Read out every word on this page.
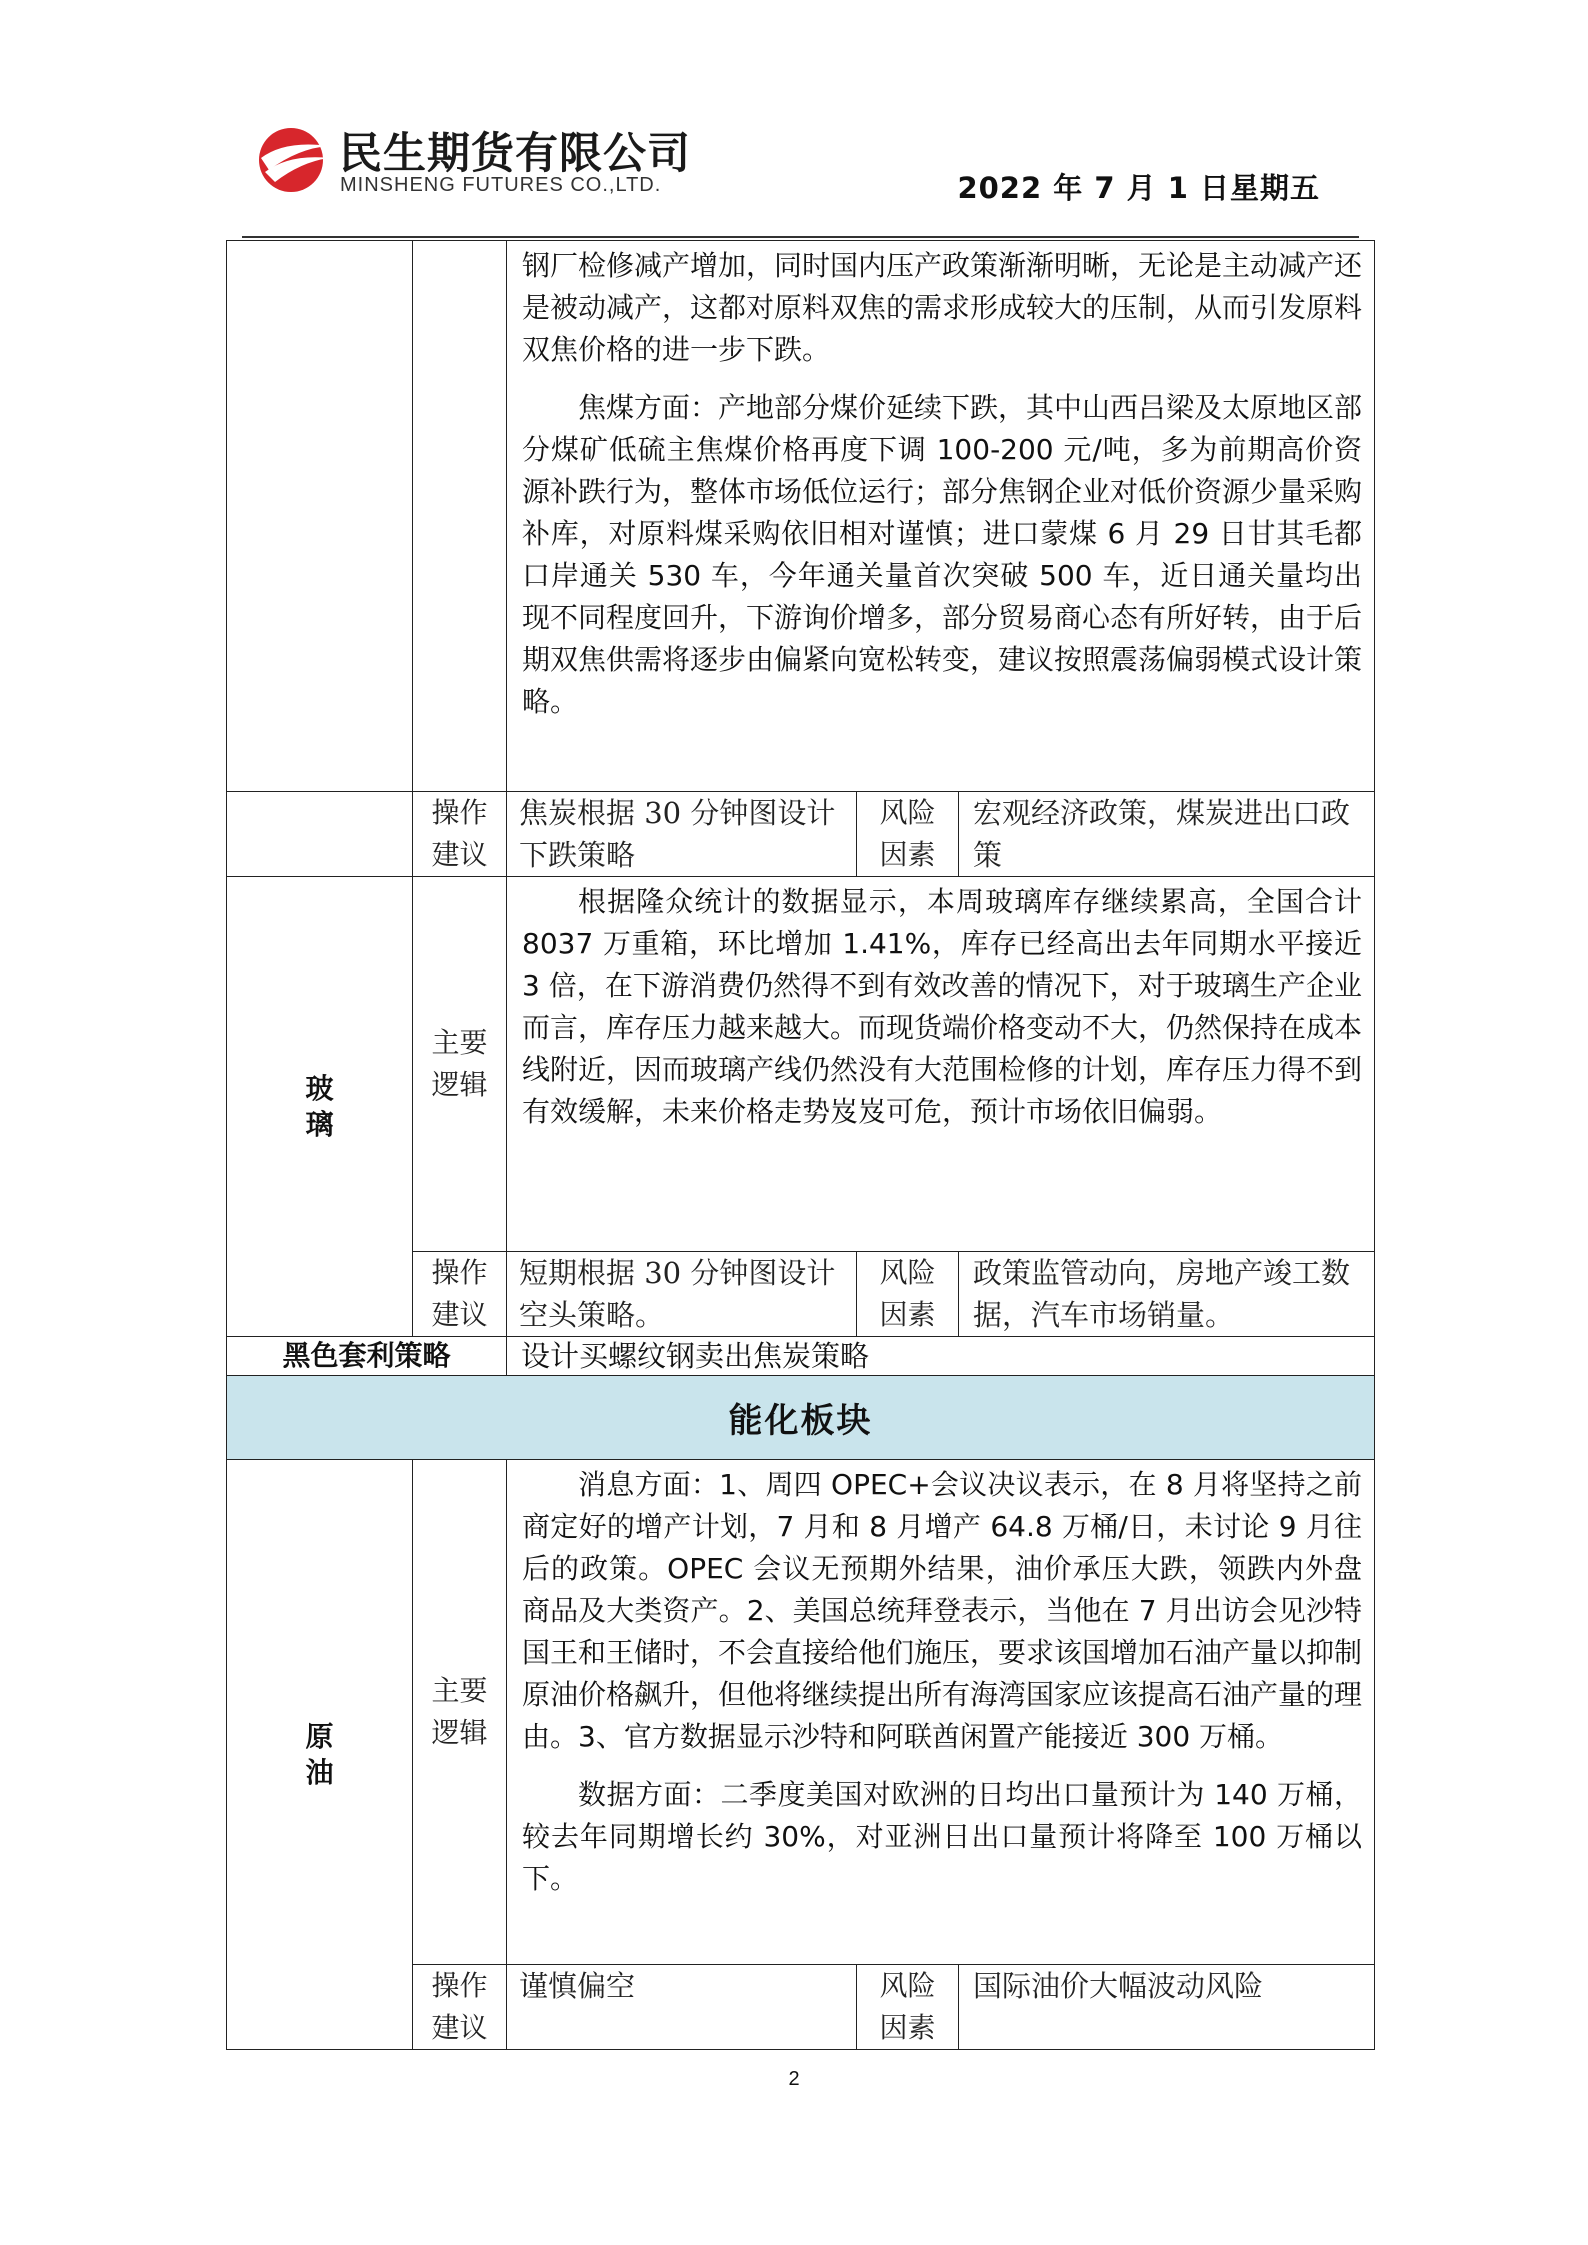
民生期货有限公司
MINSHENG FUTURES CO.,LTD.	2022 年 7 月 1 日星期五

		钢厂检修减产增加，同时国内压产政策渐渐明晰，无论是主动减产还是被动减产，这都对原料双焦的需求形成较大的压制，从而引发原料双焦价格的进一步下跌。

焦煤方面：产地部分煤价延续下跌，其中山西吕梁及太原地区部分煤矿低硫主焦煤价格再度下调 100-200 元/吨，多为前期高价资源补跌行为，整体市场低位运行；部分焦钢企业对低价资源少量采购补库，对原料煤采购依旧相对谨慎；进口蒙煤 6 月 29 日甘其毛都口岸通关 530 车，今年通关量首次突破 500 车，近日通关量均出现不同程度回升，下游询价增多，部分贸易商心态有所好转，由于后期双焦供需将逐步由偏紧向宽松转变，建议按照震荡偏弱模式设计策略。		

	操作建议	焦炭根据 30 分钟图设计下跌策略	风险因素	宏观经济政策，煤炭进出口政策

玻璃	主要逻辑	根据隆众统计的数据显示，本周玻璃库存继续累高，全国合计 8037 万重箱，环比增加 1.41%，库存已经高出去年同期水平接近 3 倍，在下游消费仍然得不到有效改善的情况下，对于玻璃生产企业而言，库存压力越来越大。而现货端价格变动不大，仍然保持在成本线附近，因而玻璃产线仍然没有大范围检修的计划，库存压力得不到有效缓解，未来价格走势岌岌可危，预计市场依旧偏弱。		

	操作建议	短期根据 30 分钟图设计空头策略。	风险因素	政策监管动向，房地产竣工数据，汽车市场销量。
黑色套利策略		设计买螺纹钢卖出焦炭策略		
能化板块				

原油	主要逻辑	消息方面：1、周四 OPEC+会议决议表示，在 8 月将坚持之前商定好的增产计划，7 月和 8 月增产 64.8 万桶/日，未讨论 9 月往后的政策。OPEC 会议无预期外结果，油价承压大跌，领跌内外盘商品及大类资产。2、美国总统拜登表示，当他在 7 月出访会见沙特国王和王储时，不会直接给他们施压，要求该国增加石油产量以抑制原油价格飙升，但他将继续提出所有海湾国家应该提高石油产量的理由。3、官方数据显示沙特和阿联酋闲置产能接近 300 万桶。

数据方面：二季度美国对欧洲的日均出口量预计为 140 万桶，较去年同期增长约 30%，对亚洲日出口量预计将降至 100 万桶以下。		

	操作建议	谨慎偏空	风险因素	国际油价大幅波动风险
2
